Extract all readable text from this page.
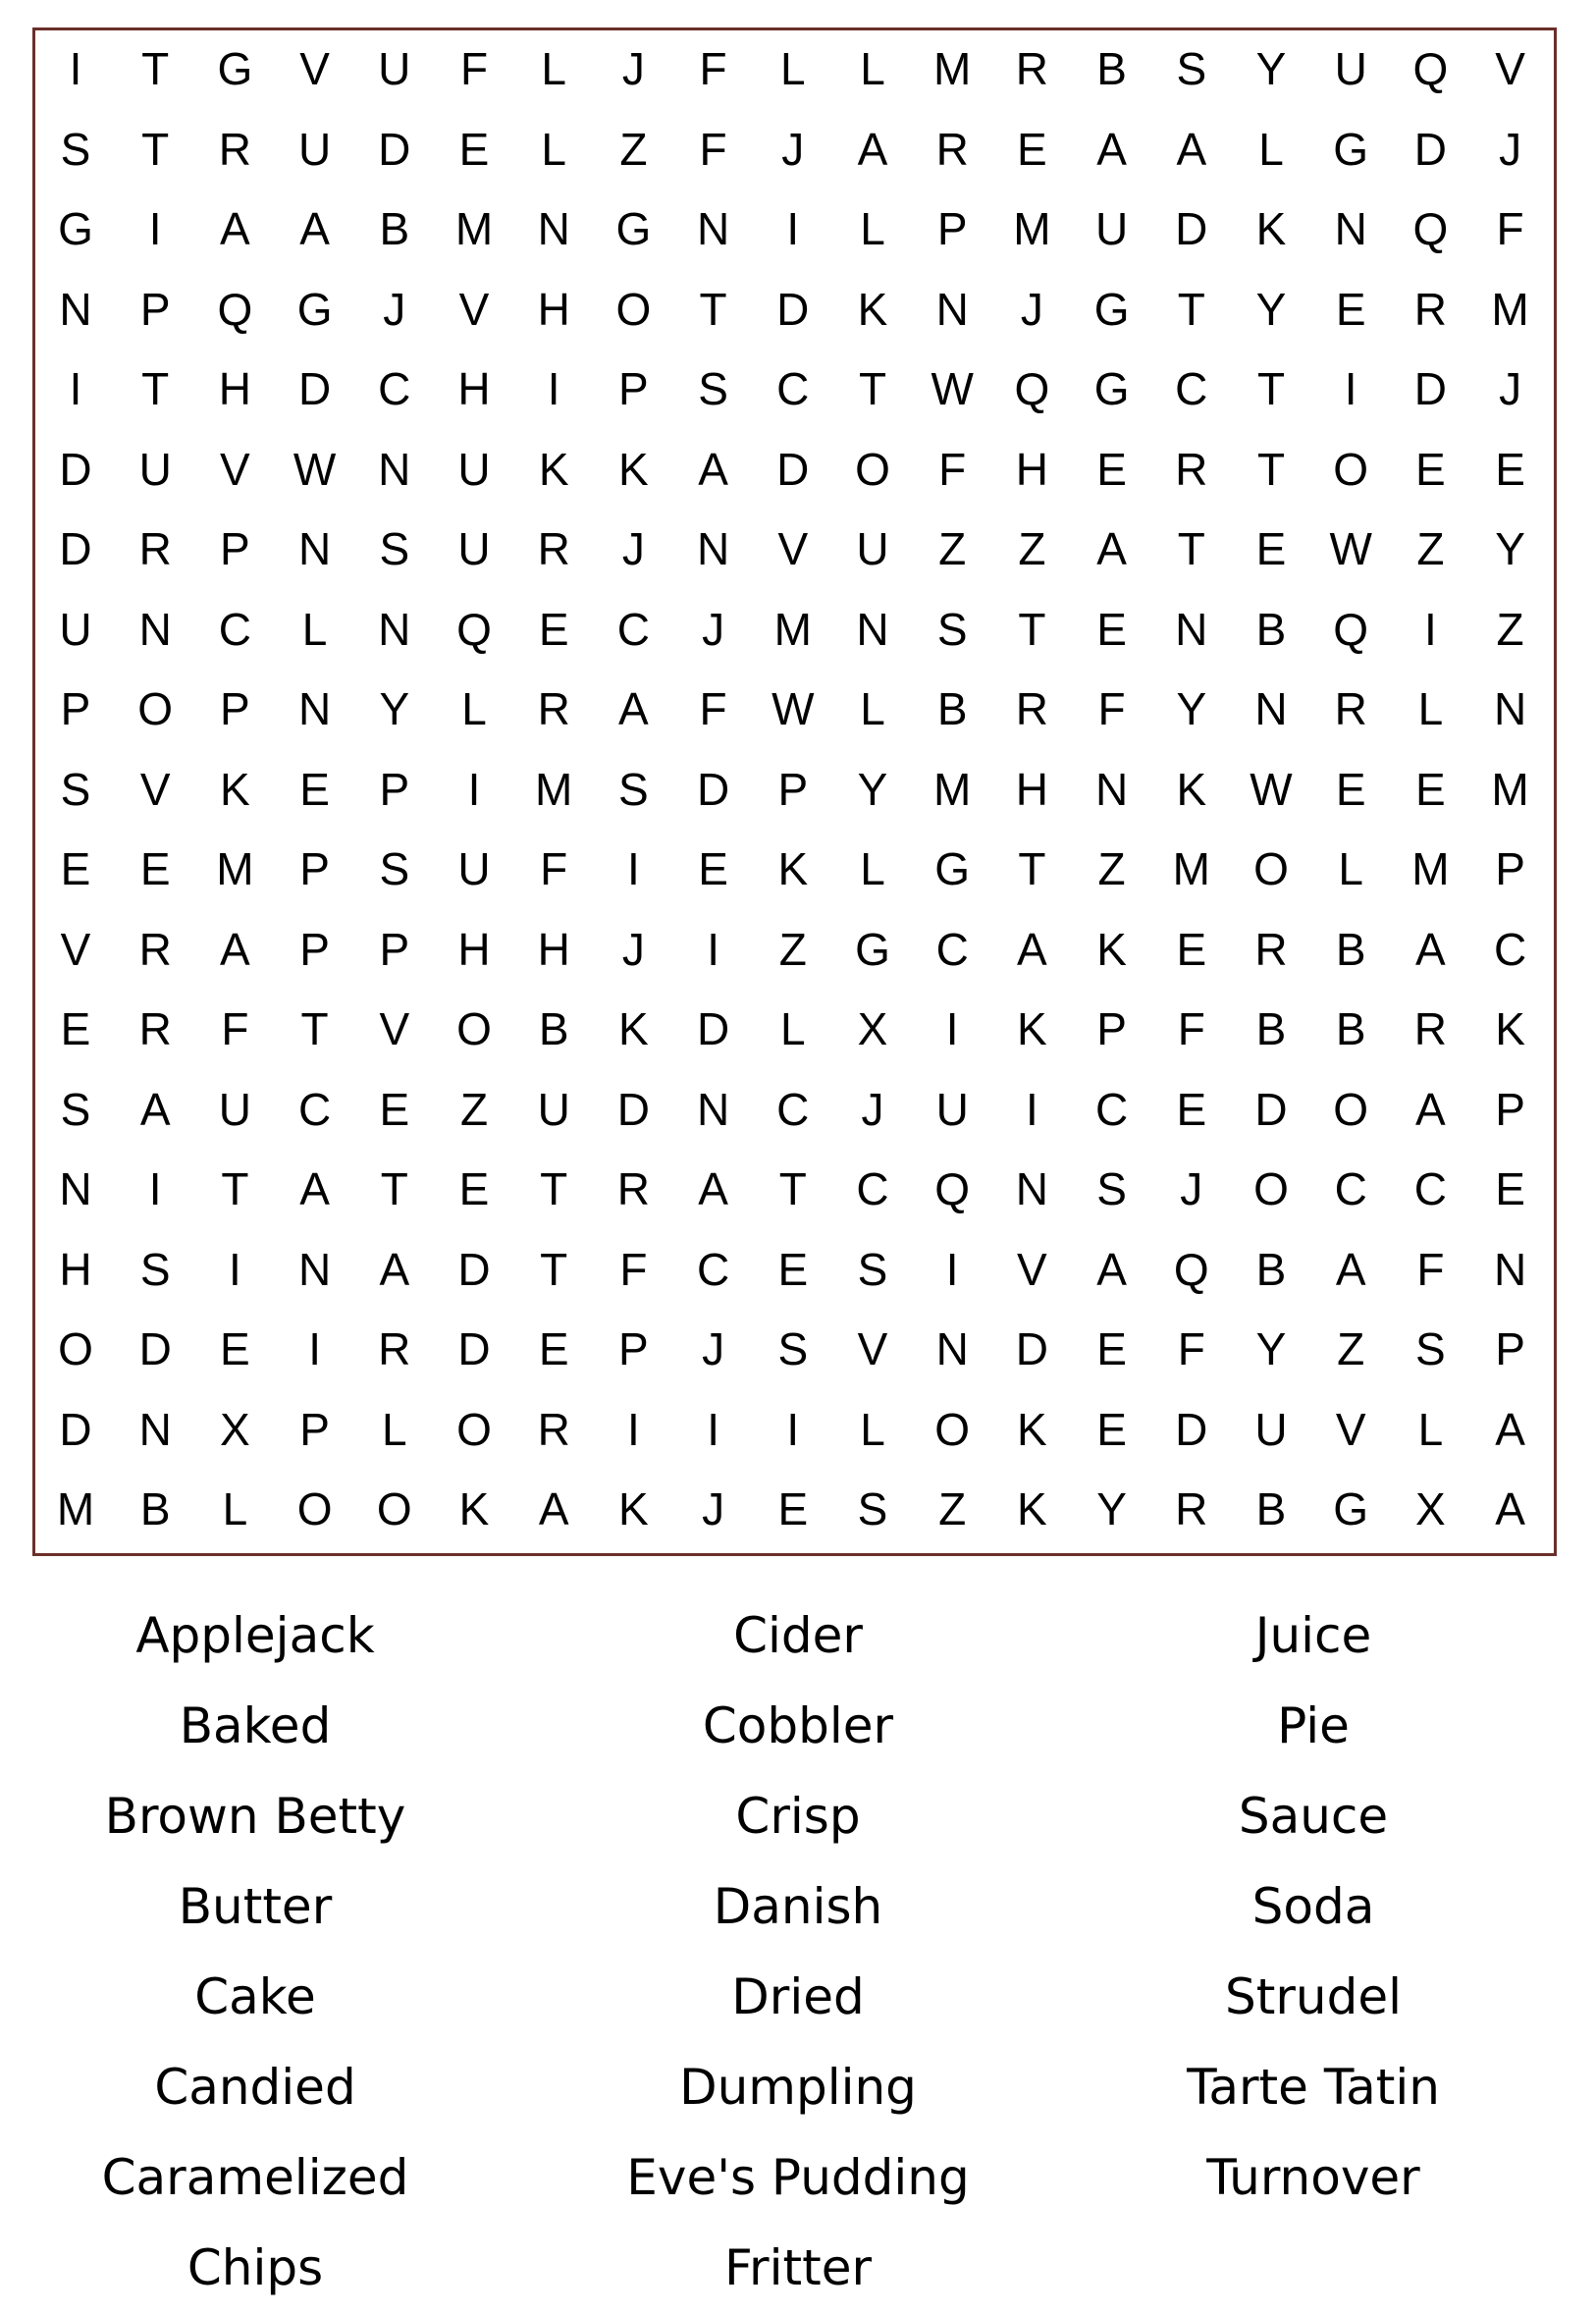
I	T	G	V	U	F	L	J	F	L	L	M R	B	S	Y	U	Q	V
S	T	R	U	D	E	L	Z	F	J	A	R	E	A	A	L	G	D	J
G	I	A	A	B	M N	G	N	I	L	P	M U	D	K	N	Q	F
N	P	Q G	J	V	H	O	T	D	K	N	J	G	T	Y	E	R M
I	T	H	D	C	H	I	P	S	C	T W Q G	C	T	I	D	J
D	U	V W N	U	K	K	A	D	O	F	H	E	R	T	O	E	E
D	R	P	N	S	U	R	J	N	V	U	Z	Z	A	T	E W Z	Y
U	N	C	L	N	Q	E	C	J	M N	S	T	E	N	B	Q	I	Z
P	O	P	N	Y	L	R	A	F W	L	B	R	F	Y	N	R	L	N
S	V	K	E	P	I	M	S	D	P	Y	M H	N	K W E	E	M
E	E	M	P	S	U	F	I	E	K	L	G	T	Z	M O	L	M	P
V	R	A	P	P	H	H	J	I	Z	G	C	A	K	E	R	B	A	C
E	R	F	T	V	O	B	K	D	L	X	I	K	P	F	B	B	R	K
S	A	U	C	E	Z	U	D	N	C	J	U	I	C	E	D	O	A	P
N	I	T	A	T	E	T	R	A	T	C	Q	N	S	J	O	C	C	E
H	S	I	N	A	D	T	F	C	E	S	I	V	A	Q	B	A	F	N
O	D	E	I	R	D	E	P	J	S	V	N	D	E	F	Y	Z	S	P
D	N	X	P	L	O	R	I	I	I	L	O	K	E	D	U	V	L	A
M	B	L	O O	K	A	K	J	E	S	Z	K	Y	R	B	G	X	A
Applejack
Baked
Brown Betty
Butter
Cake
Candied
Caramelized
Chips
Cider
Cobbler
Crisp
Danish
Dried
Dumpling
Eve's Pudding
Fritter
Juice
Pie
Sauce
Soda
Strudel
Tarte Tatin
Turnover
